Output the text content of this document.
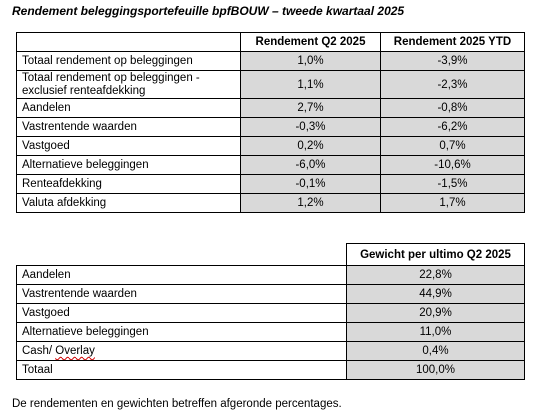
Rendement beleggingsportefeuille bpfBOUW – tweede kwartaal 2025
	Rendement Q2 2025	Rendement 2025 YTD
Totaal rendement op beleggingen	1,0%	-3,9%
Totaal rendement op beleggingen - exclusief renteafdekking	1,1%	-2,3%
Aandelen	2,7%	-0,8%
Vastrentende waarden	-0,3%	-6,2%
Vastgoed	0,2%	0,7%
Alternatieve beleggingen	-6,0%	-10,6%
Renteafdekking	-0,1%	-1,5%
Valuta afdekking	1,2%	1,7%
	Gewicht per ultimo Q2 2025
Aandelen	22,8%
Vastrentende waarden	44,9%
Vastgoed	20,9%
Alternatieve beleggingen	11,0%
Cash/ Overlay	0,4%
Totaal	100,0%
De rendementen en gewichten betreffen afgeronde percentages.
